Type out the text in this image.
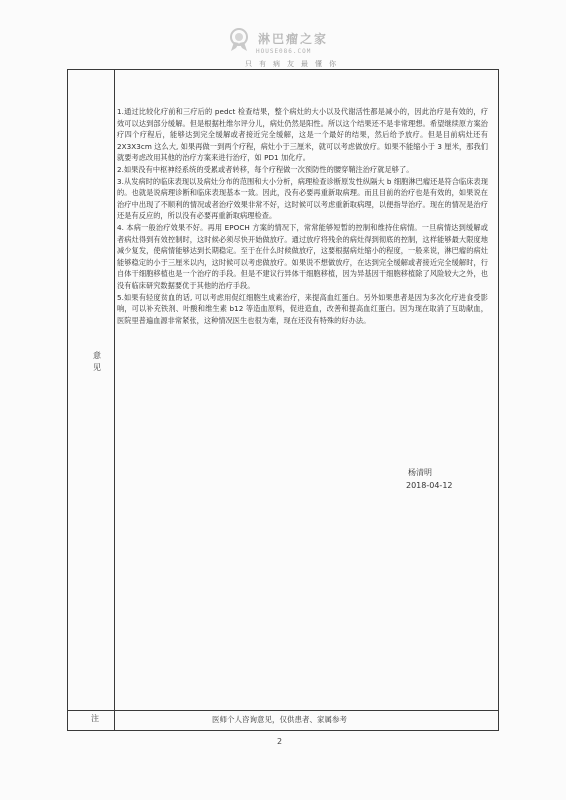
淋巴瘤之家
HOUSE086.COM
只有病友最懂你
意见
注

1.通过比较化疗前和三疗后的 pedct 检查结果，整个病灶的大小以及代谢活性都是减小的，因此治疗是有效的，疗效可以达到部分缓解。但是根据杜维尔评分儿，病灶仍然是阳性。所以这个结果还不是非常理想。希望继续原方案治疗四个疗程后，能够达到完全缓解或者接近完全缓解，这是一个最好的结果，然后给予放疗。但是目前病灶还有 2X3X3cm 这么大, 如果再做一到两个疗程，病灶小于三厘米，就可以考虑做放疗。如果不能缩小于 3 厘米，那我们就要考虑改用其他的治疗方案来进行治疗，如 PD1 加化疗。

2.如果没有中枢神经系统的受累或者转移，每个疗程做一次预防性的腰穿鞘注治疗就足够了。

3.从发病时的临床表现以及病灶分布的范围和大小分析，病理检查诊断原发性纵隔大 b 细胞淋巴瘤还是符合临床表现的。也就是说病理诊断和临床表现基本一致。因此，没有必要再重新取病理。而且目前的治疗也是有效的，如果说在治疗中出现了不顺利的情况或者治疗效果非常不好，这时候可以考虑重新取病理，以便指导治疗。现在的情况是治疗还是有反应的，所以没有必要再重新取病理检查。

4. 本病一般治疗效果不好。再用 EPOCH 方案的情况下，常常能够短暂的控制和维持住病情。一旦病情达到缓解或者病灶得到有效控制时，这时候必须尽快开始做放疗。通过放疗将残余的病灶得到彻底的控制，这样能够最大限度地减少复发，使病情能够达到长期稳定。至于在什么时候做放疗，这要根据病灶缩小的程度，一般来说，淋巴瘤的病灶能够稳定的小于三厘米以内，这时候可以考虑做放疗。如果说不想做放疗，在达到完全缓解或者接近完全缓解时，行自体干细胞移植也是一个治疗的手段。但是不建议行异体干细胞移植，因为异基因干细胞移植除了风险较大之外，也没有临床研究数据要优于其他的治疗手段。

5.如果有轻度贫血的话, 可以考虑用促红细胞生成素治疗，来提高血红蛋白。另外如果患者是因为多次化疗进食受影响，可以补充铁剂、叶酸和维生素 b12 等造血原料，促进造血，改善和提高血红蛋白。因为现在取消了互助献血，医院里普遍血源非常紧张，这种情况医生也很为难，现在还没有特殊的好办法。

杨清明
2018-04-12
医师个人咨询意见，仅供患者、家属参考
2
